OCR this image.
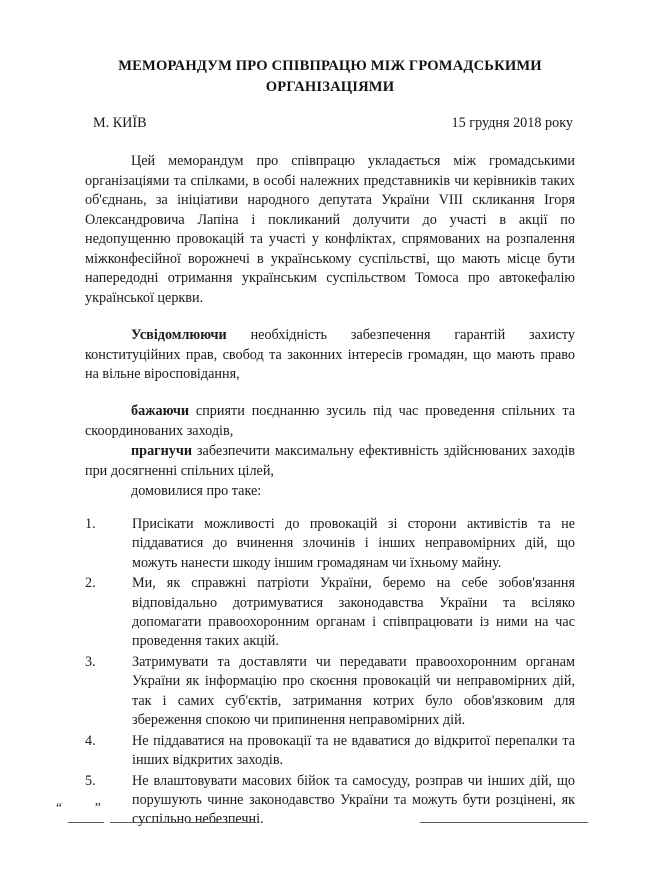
МЕМОРАНДУМ ПРО СПІВПРАЦЮ МІЖ ГРОМАДСЬКИМИ ОРГАНІЗАЦІЯМИ
М. КИЇВ	15 грудня 2018 року

Цей меморандум про співпрацю укладається між громадськими організаціями та спілками, в особі належних представників чи керівників таких об'єднань, за ініціативи народного депутата України VIII скликання Ігоря Олександровича Лапіна і покликаний долучити до участі в акції по недопущенню провокацій та участі у конфліктах, спрямованих на розпалення міжконфесійної ворожнечі в українському суспільстві, що мають місце бути напередодні отримання українським суспільством Томоса про автокефалію української церкви.

Усвідомлюючи необхідність забезпечення гарантій захисту конституційних прав, свобод та законних інтересів громадян, що мають право на вільне віросповідання,

бажаючи сприяти поєднанню зусиль під час проведення спільних та скоординованих заходів,

прагнучи забезпечити максимальну ефективність здійснюваних заходів при досягненні спільних цілей,

домовилися про таке:

1.	Присікати можливості до провокацій зі сторони активістів та не піддаватися до вчинення злочинів і інших неправомірних дій, що можуть нанести шкоду іншим громадянам чи їхньому майну.
2.	Ми, як справжні патріоти України, беремо на себе зобов'язання відповідально дотримуватися законодавства України та всіляко допомагати правоохоронним органам і співпрацювати із ними на час проведення таких акцій.
3.	Затримувати та доставляти чи передавати правоохоронним органам України як інформацію про скоєння провокацій чи неправомірних дій, так і самих суб'єктів, затримання котрих було обов'язковим для збереження спокою чи припинення неправомірних дій.
4.	Не піддаватися на провокації та не вдаватися до відкритої перепалки та інших відкритих заходів.
5.	Не влаштовувати масових бійок та самосуду, розправ чи інших дій, що порушують чинне законодавство України та можуть бути розцінені, як суспільно небезпечні.
“ ”
